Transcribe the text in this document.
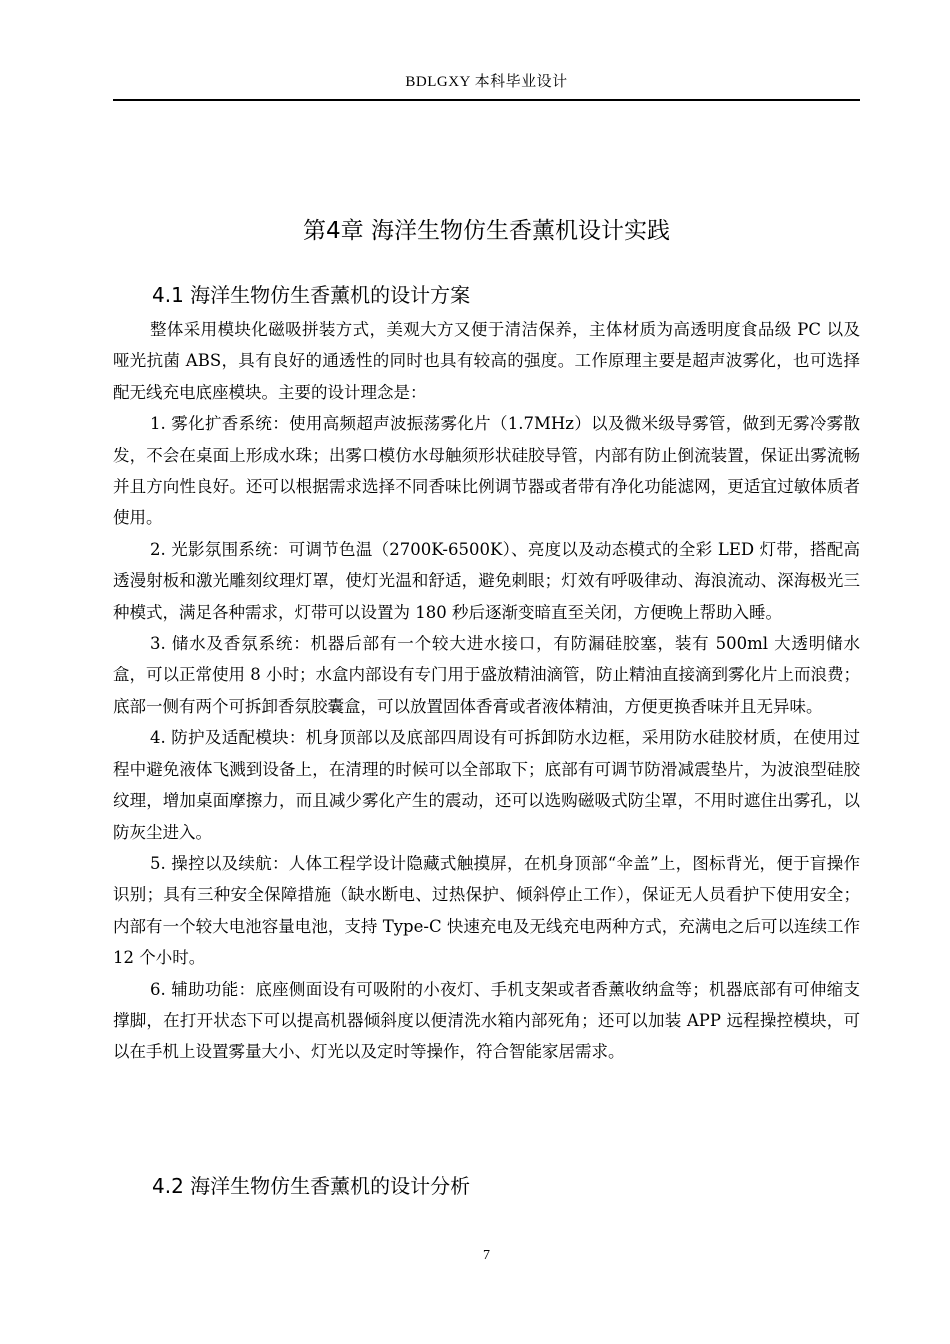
BDLGXY 本科毕业设计
第4章 海洋生物仿生香薰机设计实践
4.1 海洋生物仿生香薰机的设计方案

整体采用模块化磁吸拼装方式，美观大方又便于清洁保养，主体材质为高透明度食品级 PC 以及哑光抗菌 ABS，具有良好的通透性的同时也具有较高的强度。工作原理主要是超声波雾化，也可选择配无线充电底座模块。主要的设计理念是：

1. 雾化扩香系统：使用高频超声波振荡雾化片（1.7MHz）以及微米级导雾管，做到无雾冷雾散发，不会在桌面上形成水珠；出雾口模仿水母触须形状硅胶导管，内部有防止倒流装置，保证出雾流畅并且方向性良好。还可以根据需求选择不同香味比例调节器或者带有净化功能滤网，更适宜过敏体质者使用。

2. 光影氛围系统：可调节色温（2700K-6500K）、亮度以及动态模式的全彩 LED 灯带，搭配高透漫射板和激光雕刻纹理灯罩，使灯光温和舒适，避免刺眼；灯效有呼吸律动、海浪流动、深海极光三种模式，满足各种需求，灯带可以设置为 180 秒后逐渐变暗直至关闭，方便晚上帮助入睡。

3. 储水及香氛系统：机器后部有一个较大进水接口，有防漏硅胶塞，装有 500ml 大透明储水盒，可以正常使用 8 小时；水盒内部设有专门用于盛放精油滴管，防止精油直接滴到雾化片上而浪费；底部一侧有两个可拆卸香氛胶囊盒，可以放置固体香膏或者液体精油，方便更换香味并且无异味。

4. 防护及适配模块：机身顶部以及底部四周设有可拆卸防水边框，采用防水硅胶材质，在使用过程中避免液体飞溅到设备上，在清理的时候可以全部取下；底部有可调节防滑减震垫片，为波浪型硅胶纹理，增加桌面摩擦力，而且减少雾化产生的震动，还可以选购磁吸式防尘罩，不用时遮住出雾孔，以防灰尘进入。

5. 操控以及续航：人体工程学设计隐藏式触摸屏，在机身顶部“伞盖”上，图标背光，便于盲操作识别；具有三种安全保障措施（缺水断电、过热保护、倾斜停止工作），保证无人员看护下使用安全；内部有一个较大电池容量电池，支持 Type-C 快速充电及无线充电两种方式，充满电之后可以连续工作 12 个小时。

6. 辅助功能：底座侧面设有可吸附的小夜灯、手机支架或者香薰收纳盒等；机器底部有可伸缩支撑脚，在打开状态下可以提高机器倾斜度以便清洗水箱内部死角；还可以加装 APP 远程操控模块，可以在手机上设置雾量大小、灯光以及定时等操作，符合智能家居需求。

4.2 海洋生物仿生香薰机的设计分析
7
